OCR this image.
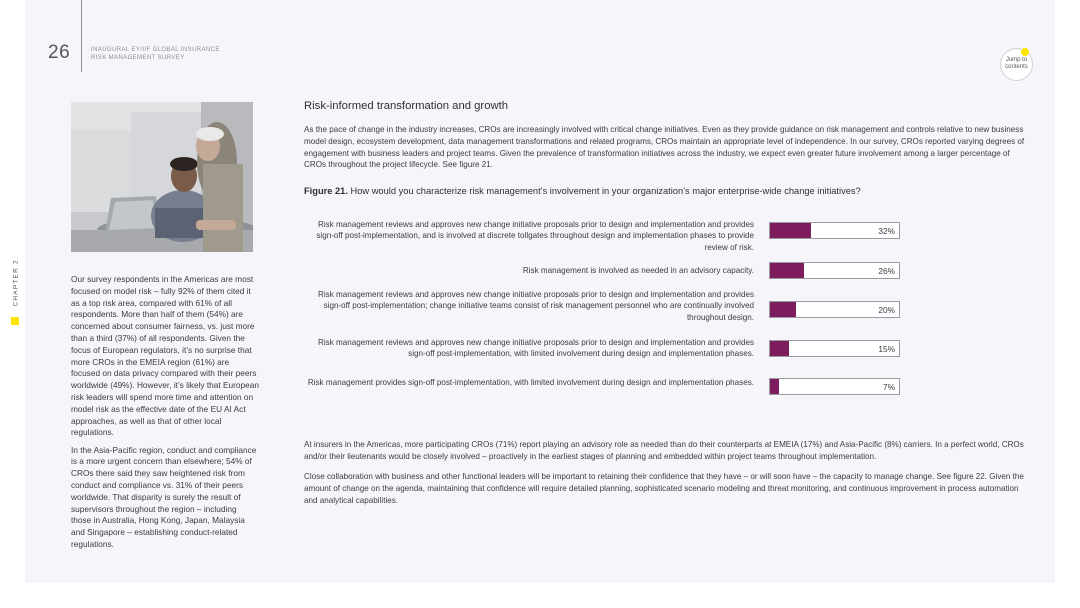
26	INAUGURAL EY/IIF GLOBAL INSURANCE
RISK MANAGEMENT SURVEY	Jump to
contents
CHAPTER 2	Our survey respondents in the Americas are most focused on model risk – fully 92% of them cited it as a top risk area, compared with 61% of all respondents. More than half of them (54%) are concerned about consumer fairness, vs. just more than a third (37%) of all respondents. Given the focus of European regulators, it’s no surprise that more CROs in the EMEIA region (61%) are focused on data privacy compared with their peers worldwide (49%). However, it’s likely that European risk leaders will spend more time and attention on model risk as the effective date of the EU AI Act approaches, as well as that of other local regulations.

In the Asia-Pacific region, conduct and compliance is a more urgent concern than elsewhere; 54% of CROs there said they saw heightened risk from conduct and compliance vs. 31% of their peers worldwide. That disparity is surely the result of supervisors throughout the region – including those in Australia, Hong Kong, Japan, Malaysia and Singapore – establishing conduct-related regulations.

Risk-informed transformation and growth

As the pace of change in the industry increases, CROs are increasingly involved with critical change initiatives. Even as they provide guidance on risk management and controls relative to new business model design, ecosystem development, data management transformations and related programs, CROs maintain an appropriate level of independence. In our survey, CROs reported varying degrees of engagement with business leaders and project teams. Given the prevalence of transformation initiatives across the industry, we expect even greater future involvement among a larger percentage of CROs throughout the project lifecycle. See figure 21.

Figure 21. How would you characterize risk management’s involvement in your organization’s major enterprise-wide change initiatives?
Risk management reviews and approves new change initiative proposals prior to design and implementation and provides sign-off post-implementation, and is involved at discrete tollgates throughout design and implementation phases to provide review of risk.
32%
Risk management is involved as needed in an advisory capacity.	26%
Risk management reviews and approves new change initiative proposals prior to design and implementation and provides sign-off post-implementation; change initiative teams consist of risk management personnel who are continually involved throughout design.
20%
Risk management reviews and approves new change initiative proposals prior to design and implementation and provides sign-off post-implementation, with limited involvement during design and implementation phases.	15%
Risk management provides sign-off post-implementation, with limited involvement during design and implementation phases.	7%

At insurers in the Americas, more participating CROs (71%) report playing an advisory role as needed than do their counterparts at EMEIA (17%) and Asia-Pacific (8%) carriers. In a perfect world, CROs and/or their lieutenants would be closely involved – proactively in the earliest stages of planning and embedded within project teams throughout implementation.

Close collaboration with business and other functional leaders will be important to retaining their confidence that they have – or will soon have – the capacity to manage change. See figure 22. Given the amount of change on the agenda, maintaining that confidence will require detailed planning, sophisticated scenario modeling and threat monitoring, and continuous improvement in process automation and analytical capabilities.
